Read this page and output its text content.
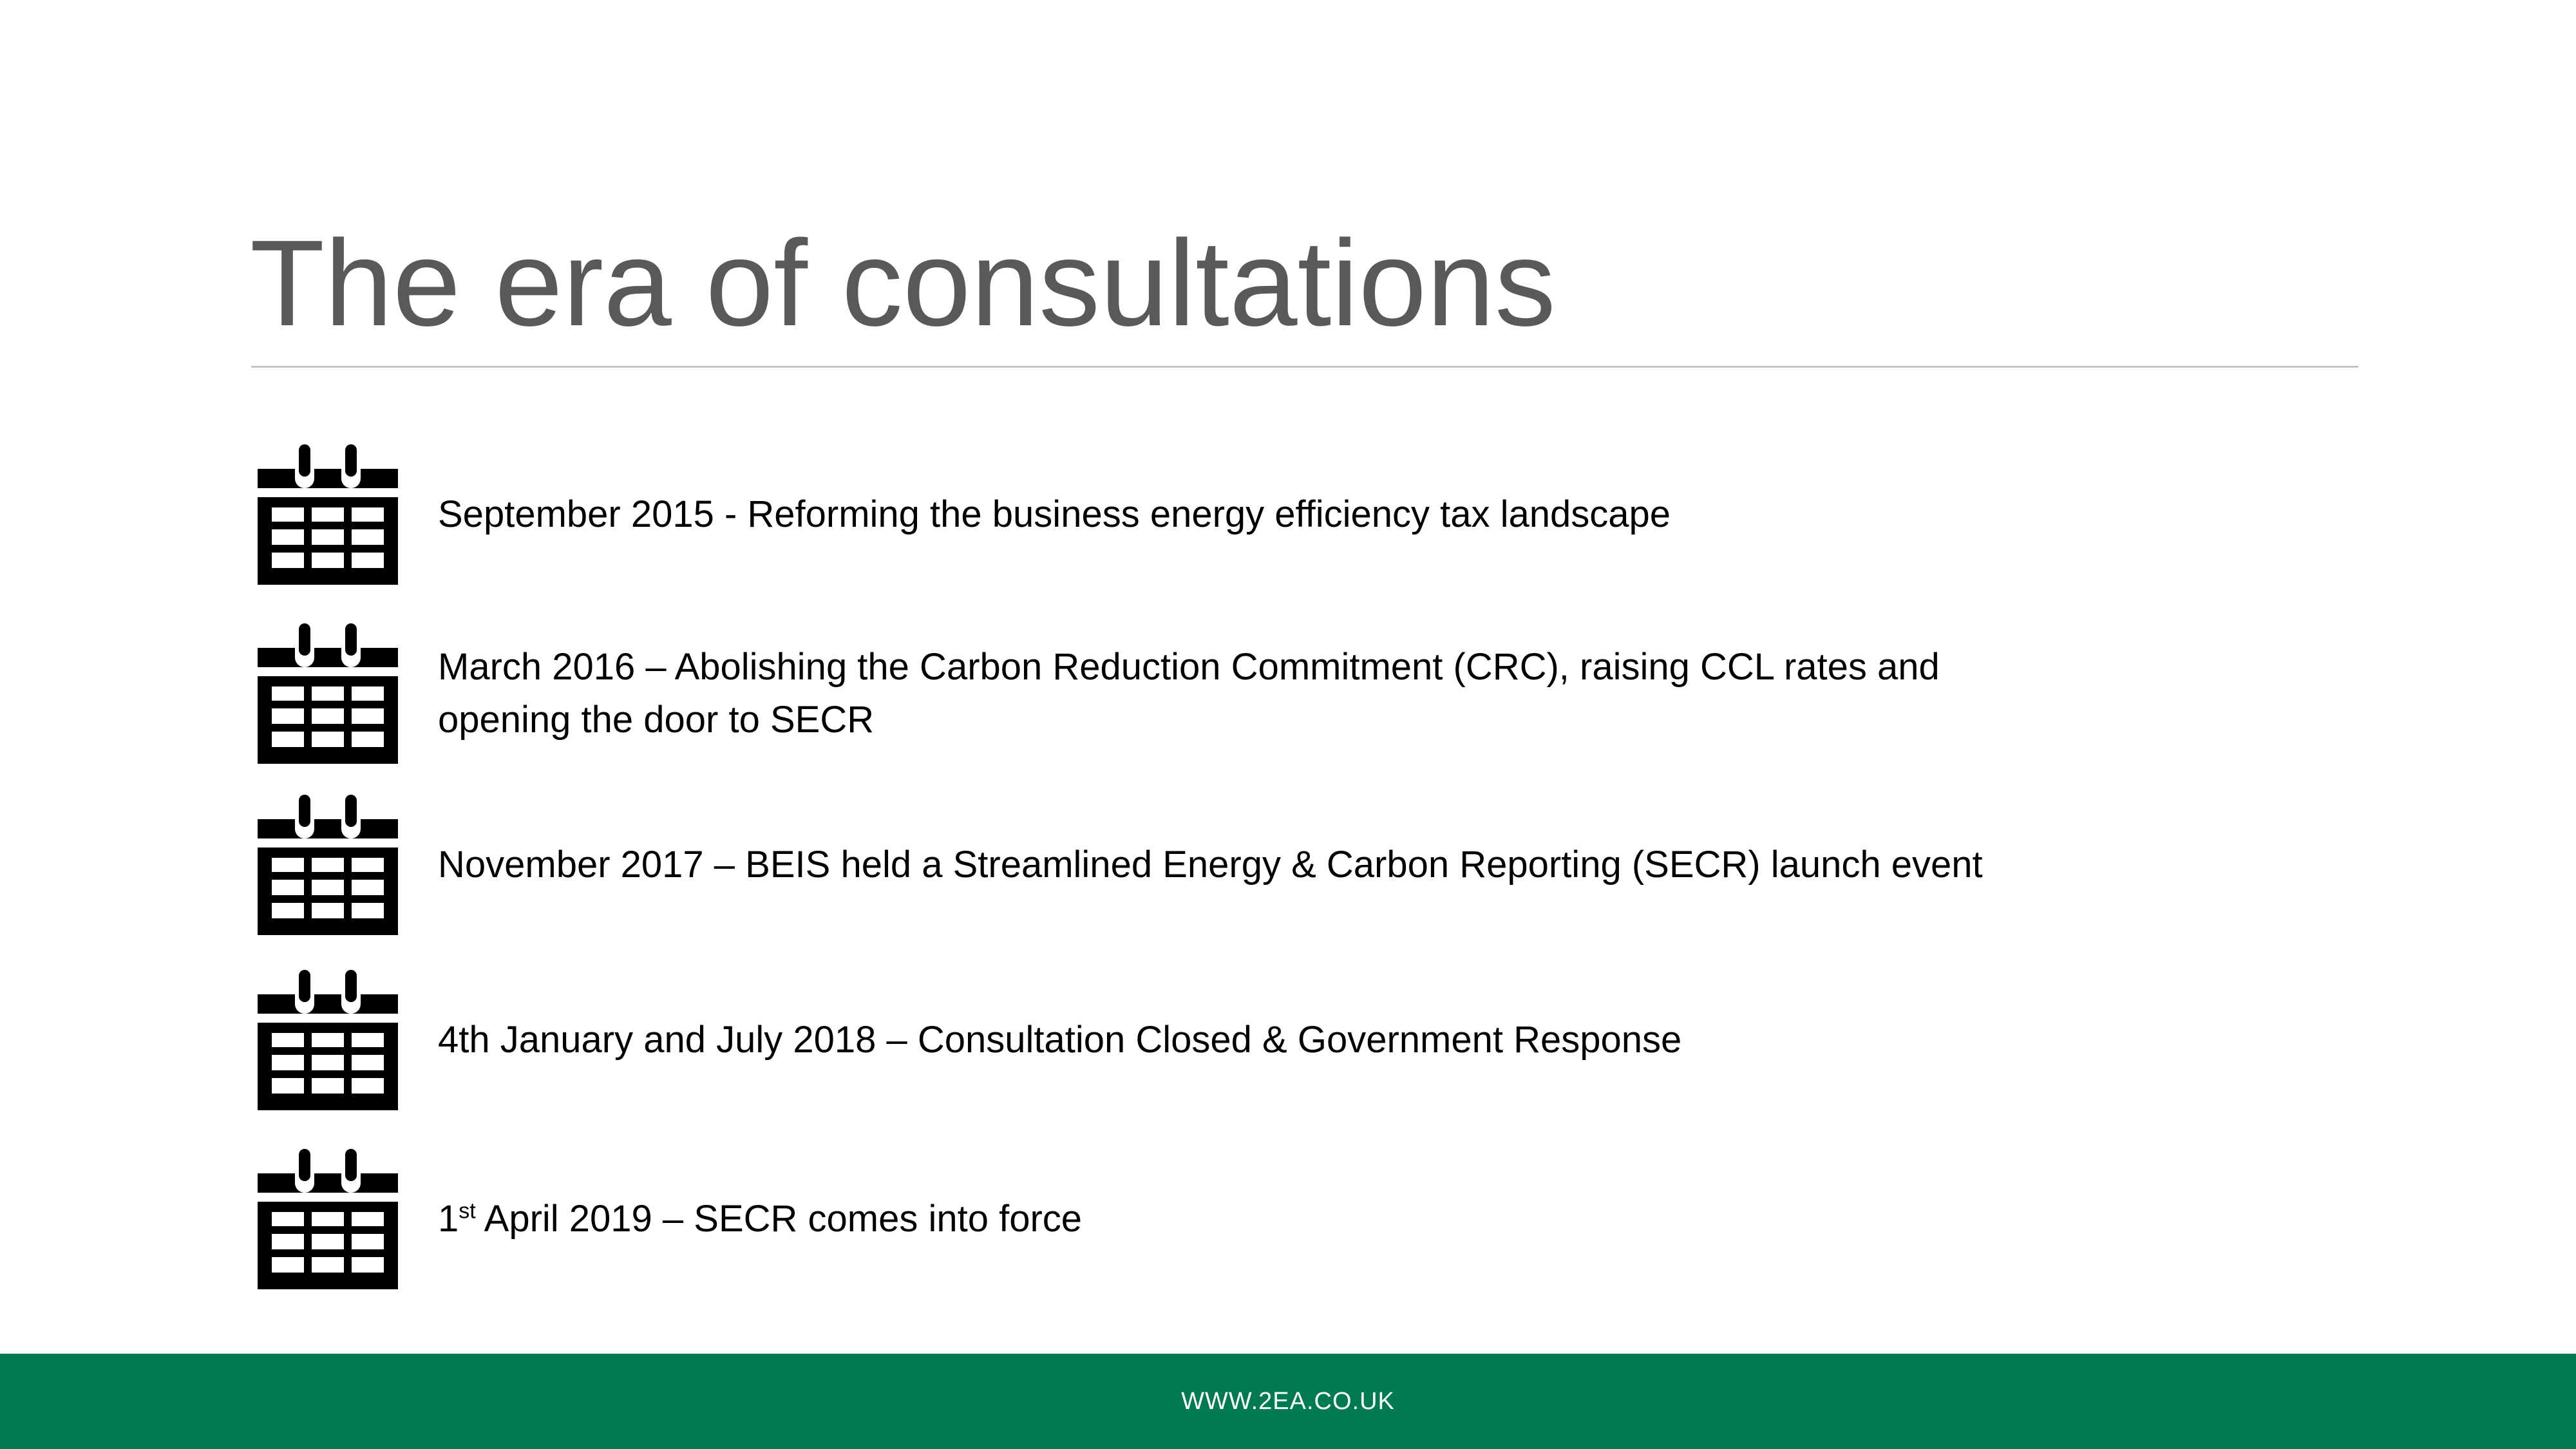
The era of consultations
September 2015 - Reforming the business energy efficiency tax landscape
March 2016 – Abolishing the Carbon Reduction Commitment (CRC), raising CCL rates and opening the door to SECR
November 2017 – BEIS held a Streamlined Energy & Carbon Reporting (SECR) launch event
4th January and July 2018 – Consultation Closed & Government Response
1st April 2019 – SECR comes into force
WWW.2EA.CO.UK
